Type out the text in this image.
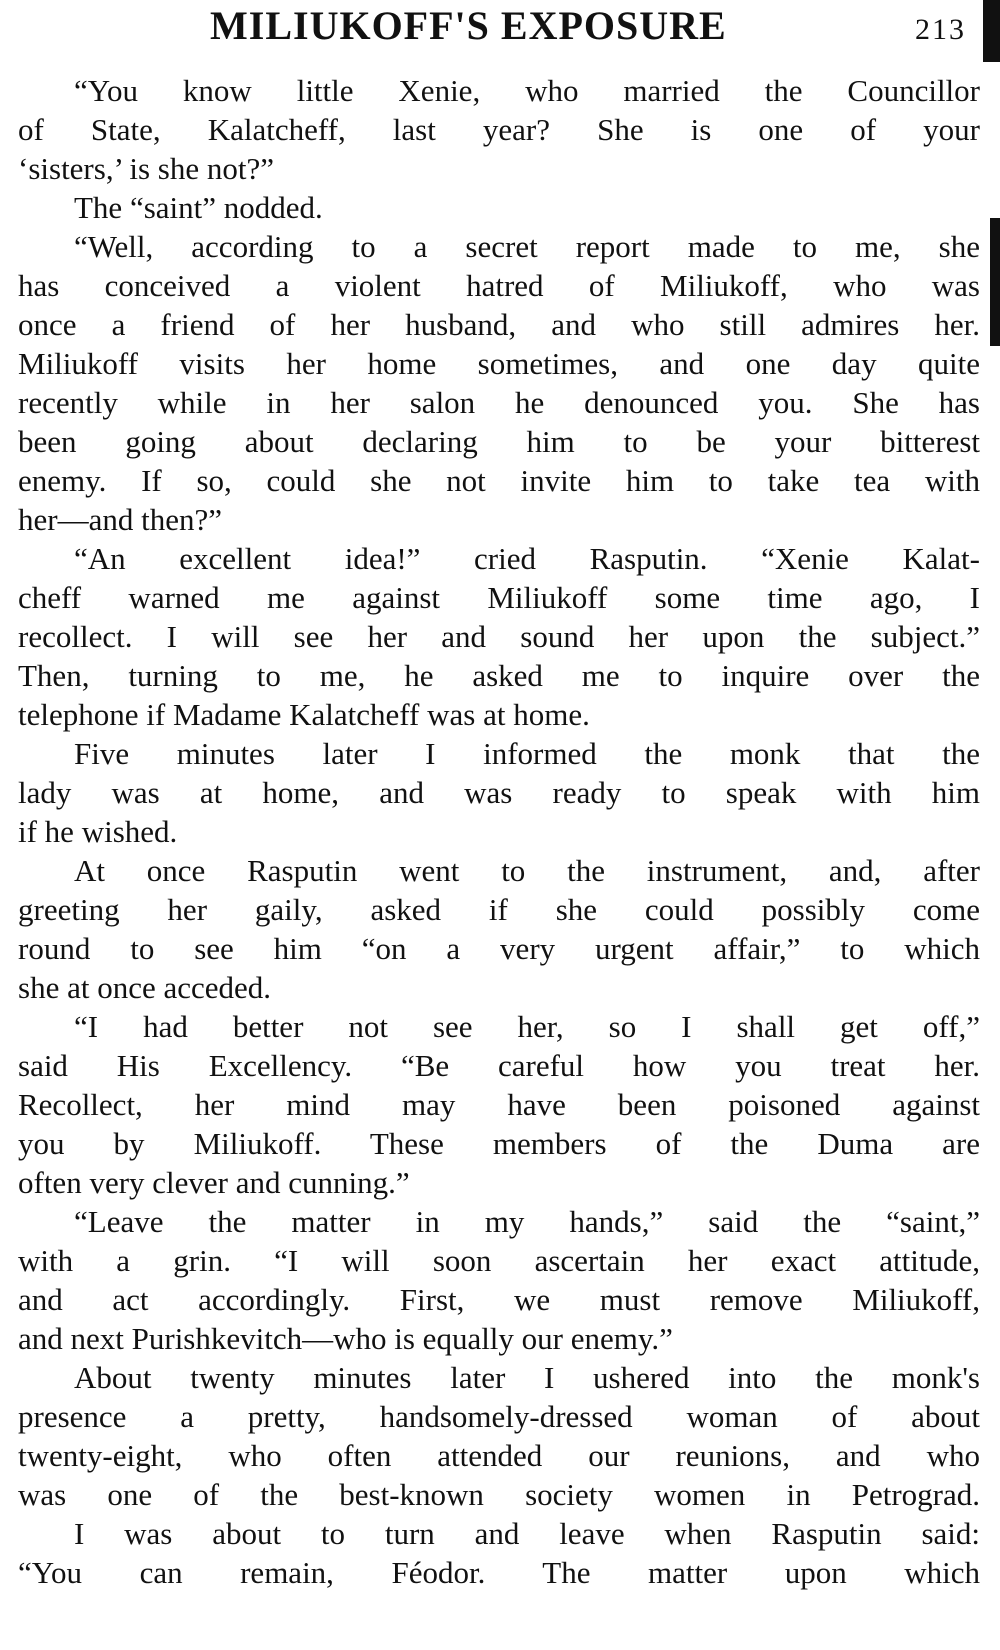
MILIUKOFF'S EXPOSURE	213
“You know little Xenie, who married the Councillor
of State, Kalatcheff, last year? She is one of your
‘sisters,’ is she not?”
The “saint” nodded.
“Well, according to a secret report made to me, she
has conceived a violent hatred of Miliukoff, who was
once a friend of her husband, and who still admires her.
Miliukoff visits her home sometimes, and one day quite
recently while in her salon he denounced you. She has
been going about declaring him to be your bitterest
enemy. If so, could she not invite him to take tea with
her—and then?”
“An excellent idea!” cried Rasputin. “Xenie Kalat-
cheff warned me against Miliukoff some time ago, I
recollect. I will see her and sound her upon the subject.”
Then, turning to me, he asked me to inquire over the
telephone if Madame Kalatcheff was at home.
Five minutes later I informed the monk that the
lady was at home, and was ready to speak with him
if he wished.
At once Rasputin went to the instrument, and, after
greeting her gaily, asked if she could possibly come
round to see him “on a very urgent affair,” to which
she at once acceded.
“I had better not see her, so I shall get off,”
said His Excellency. “Be careful how you treat her.
Recollect, her mind may have been poisoned against
you by Miliukoff. These members of the Duma are
often very clever and cunning.”
“Leave the matter in my hands,” said the “saint,”
with a grin. “I will soon ascertain her exact attitude,
and act accordingly. First, we must remove Miliukoff,
and next Purishkevitch—who is equally our enemy.”
About twenty minutes later I ushered into the monk's
presence a pretty, handsomely-dressed woman of about
twenty-eight, who often attended our reunions, and who
was one of the best-known society women in Petrograd.
I was about to turn and leave when Rasputin said:
“You can remain, Féodor. The matter upon which
